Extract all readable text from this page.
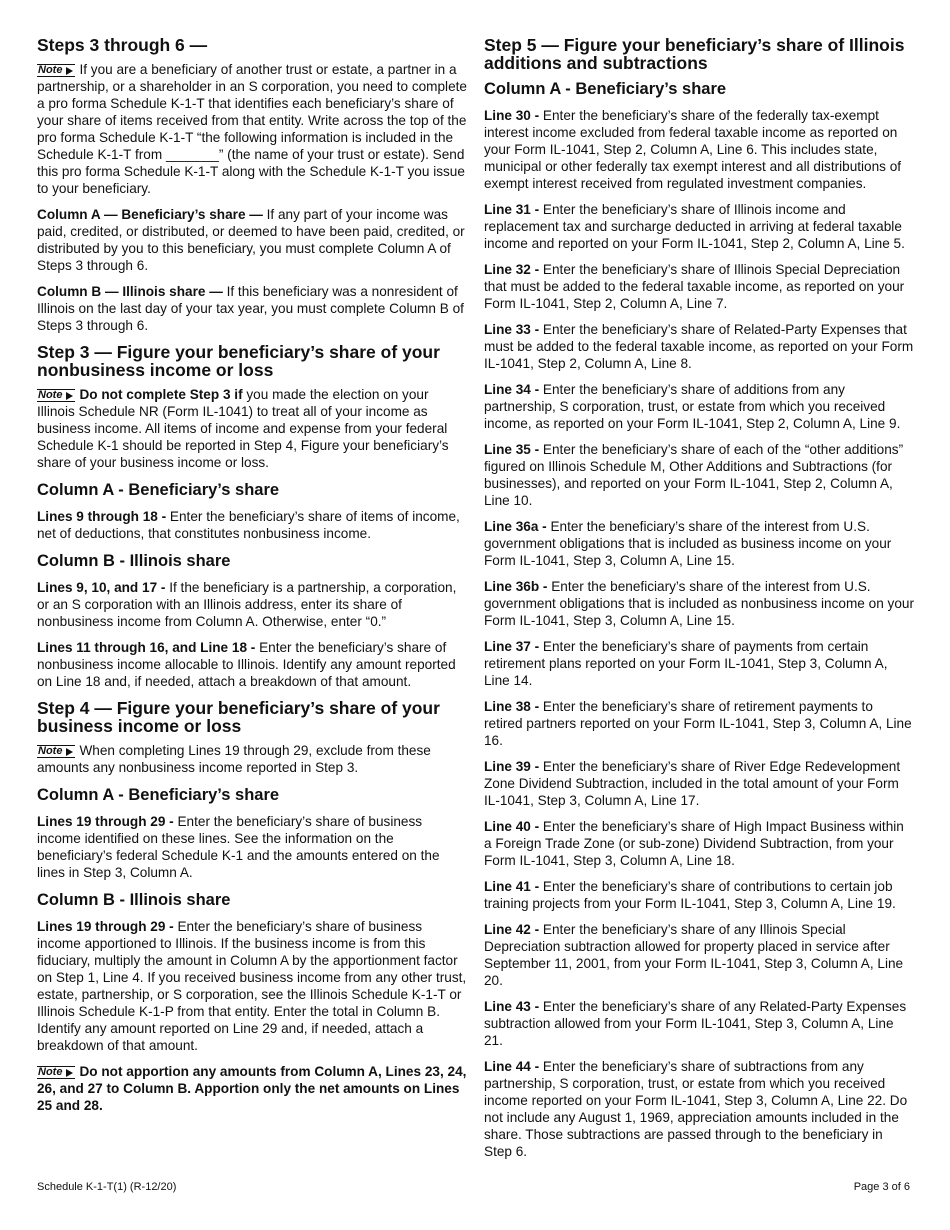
Steps 3 through 6 —

Note If you are a beneficiary of another trust or estate, a partner in a partnership, or a shareholder in an S corporation, you need to complete a pro forma Schedule K-1-T that identifies each beneficiary’s share of your share of items received from that entity. Write across the top of the pro forma Schedule K-1-T “the following information is included in the Schedule K-1-T from _______” (the name of your trust or estate). Send this pro forma Schedule K-1-T along with the Schedule K-1-T you issue to your beneficiary.

Column A — Beneficiary’s share — If any part of your income was paid, credited, or distributed, or deemed to have been paid, credited, or distributed by you to this beneficiary, you must complete Column A of Steps 3 through 6.

Column B — Illinois share — If this beneficiary was a nonresident of Illinois on the last day of your tax year, you must complete Column B of Steps 3 through 6.

Step 3 — Figure your beneficiary’s share of your nonbusiness income or loss

Note Do not complete Step 3 if you made the election on your Illinois Schedule NR (Form IL-1041) to treat all of your income as business income. All items of income and expense from your federal Schedule K-1 should be reported in Step 4, Figure your beneficiary’s share of your business income or loss.

Column A - Beneficiary’s share

Lines 9 through 18 - Enter the beneficiary’s share of items of income, net of deductions, that constitutes nonbusiness income.

Column B - Illinois share

Lines 9, 10, and 17 - If the beneficiary is a partnership, a corporation, or an S corporation with an Illinois address, enter its share of nonbusiness income from Column A. Otherwise, enter “0.”

Lines 11 through 16, and Line 18 - Enter the beneficiary’s share of nonbusiness income allocable to Illinois. Identify any amount reported on Line 18 and, if needed, attach a breakdown of that amount.

Step 4 — Figure your beneficiary’s share of your business income or loss

Note When completing Lines 19 through 29, exclude from these amounts any nonbusiness income reported in Step 3.

Column A - Beneficiary’s share

Lines 19 through 29 - Enter the beneficiary’s share of business income identified on these lines. See the information on the beneficiary’s federal Schedule K-1 and the amounts entered on the lines in Step 3, Column A.

Column B - Illinois share

Lines 19 through 29 - Enter the beneficiary’s share of business income apportioned to Illinois. If the business income is from this fiduciary, multiply the amount in Column A by the apportionment factor on Step 1, Line 4. If you received business income from any other trust, estate, partnership, or S corporation, see the Illinois Schedule K-1-T or Illinois Schedule K-1-P from that entity. Enter the total in Column B. Identify any amount reported on Line 29 and, if needed, attach a breakdown of that amount.

Note Do not apportion any amounts from Column A, Lines 23, 24, 26, and 27 to Column B. Apportion only the net amounts on Lines 25 and 28.

Step 5 — Figure your beneficiary’s share of Illinois additions and subtractions
Column A - Beneficiary’s share

Line 30 - Enter the beneficiary’s share of the federally tax-exempt interest income excluded from federal taxable income as reported on your Form IL-1041, Step 2, Column A, Line 6. This includes state, municipal or other federally tax exempt interest and all distributions of exempt interest received from regulated investment companies.

Line 31 - Enter the beneficiary’s share of Illinois income and replacement tax and surcharge deducted in arriving at federal taxable income and reported on your Form IL-1041, Step 2, Column A, Line 5.

Line 32 - Enter the beneficiary’s share of Illinois Special Depreciation that must be added to the federal taxable income, as reported on your Form IL-1041, Step 2, Column A, Line 7.

Line 33 - Enter the beneficiary’s share of Related-Party Expenses that must be added to the federal taxable income, as reported on your Form IL-1041, Step 2, Column A, Line 8.

Line 34 - Enter the beneficiary’s share of additions from any partnership, S corporation, trust, or estate from which you received income, as reported on your Form IL-1041, Step 2, Column A, Line 9.

Line 35 - Enter the beneficiary’s share of each of the “other additions” figured on Illinois Schedule M, Other Additions and Subtractions (for businesses), and reported on your Form IL-1041, Step 2, Column A, Line 10.

Line 36a - Enter the beneficiary’s share of the interest from U.S. government obligations that is included as business income on your Form IL-1041, Step 3, Column A, Line 15.

Line 36b - Enter the beneficiary’s share of the interest from U.S. government obligations that is included as nonbusiness income on your Form IL-1041, Step 3, Column A, Line 15.

Line 37 - Enter the beneficiary’s share of payments from certain retirement plans reported on your Form IL-1041, Step 3, Column A, Line 14.

Line 38 - Enter the beneficiary’s share of retirement payments to retired partners reported on your Form IL-1041, Step 3, Column A, Line 16.

Line 39 - Enter the beneficiary’s share of River Edge Redevelopment Zone Dividend Subtraction, included in the total amount of your Form IL-1041, Step 3, Column A, Line 17.

Line 40 - Enter the beneficiary’s share of High Impact Business within a Foreign Trade Zone (or sub-zone) Dividend Subtraction, from your Form IL-1041, Step 3, Column A, Line 18.

Line 41 - Enter the beneficiary’s share of contributions to certain job training projects from your Form IL-1041, Step 3, Column A, Line 19.

Line 42 - Enter the beneficiary’s share of any Illinois Special Depreciation subtraction allowed for property placed in service after September 11, 2001, from your Form IL-1041, Step 3, Column A, Line 20.

Line 43 - Enter the beneficiary’s share of any Related-Party Expenses subtraction allowed from your Form IL-1041, Step 3, Column A, Line 21.

Line 44 - Enter the beneficiary’s share of subtractions from any partnership, S corporation, trust, or estate from which you received income reported on your Form IL-1041, Step 3, Column A, Line 22. Do not include any August 1, 1969, appreciation amounts included in the share. Those subtractions are passed through to the beneficiary in Step 6.

Schedule K-1-T(1) (R-12/20)	Page 3 of 6
